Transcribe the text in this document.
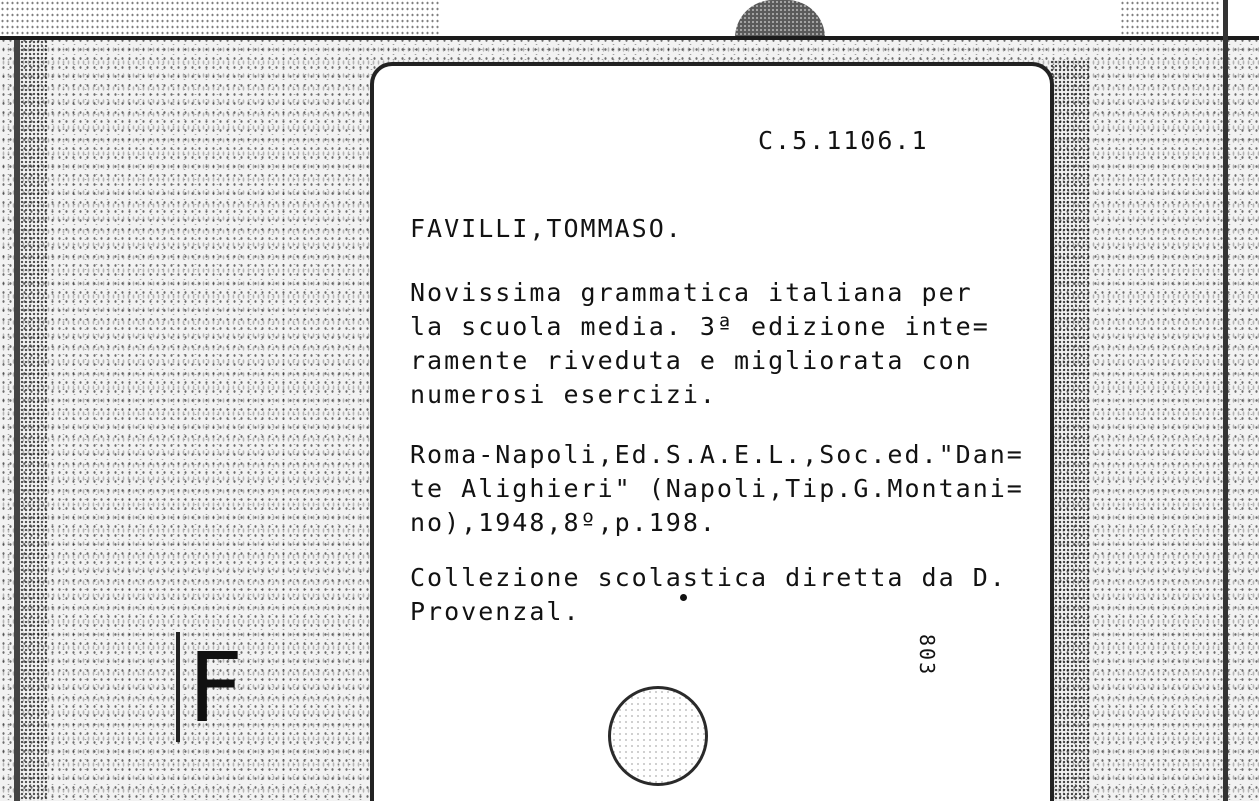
F
C.5.1106.1
FAVILLI,TOMMASO.
Novissima grammatica italiana per
la scuola media. 3ª edizione inte=
ramente riveduta e migliorata con
numerosi esercizi.
Roma-Napoli,Ed.S.A.E.L.,Soc.ed."Dan=
te Alighieri" (Napoli,Tip.G.Montani=
no),1948,8º,p.198.
Collezione scolastica diretta da D.
Provenzal.
803
